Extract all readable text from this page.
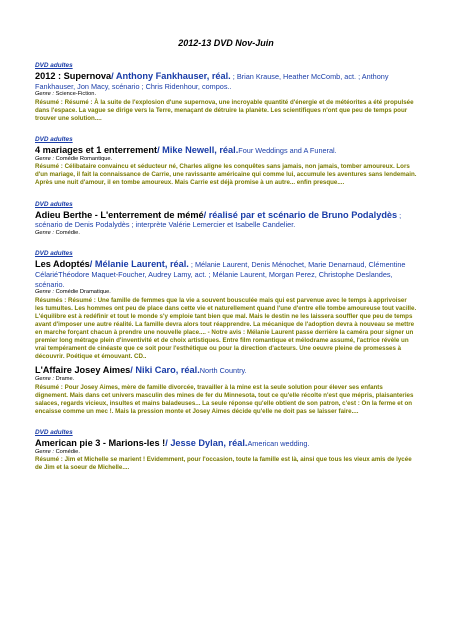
2012-13 DVD Nov-Juin
DVD adultes
2012 : Supernova/ Anthony Fankhauser, réal. ; Brian Krause, Heather McComb, act. ; Anthony Fankhauser, Jon Macy, scénario ; Chris Ridenhour, compos..
Genre : Science-Fiction.
Résumé : Résumé : À la suite de l'explosion d'une supernova, une incroyable quantité d'énergie et de météorites a été propulsée dans l'espace. La vague se dirige vers la Terre, menaçant de détruire la planète. Les scientifiques n'ont que peu de temps pour trouver une solution....
DVD adultes
4 mariages et 1 enterrement/ Mike Newell, réal.Four Weddings and A Funeral.
Genre : Comédie Romantique.
Résumé : Célibataire convaincu et séducteur né, Charles aligne les conquêtes sans jamais, non jamais, tomber amoureux. Lors d'un mariage, il fait la connaissance de Carrie, une ravissante américaine qui comme lui, accumule les aventures sans lendemain. Après une nuit d'amour, il en tombe amoureux. Mais Carrie est déjà promise à un autre... enfin presque....
DVD adultes
Adieu Berthe - L'enterrement de mémé/ réalisé par et scénario de Bruno Podalydès ; scénario de Denis Podalydès ; interprète Valérie Lemercier et Isabelle Candelier.
Genre : Comédie.
DVD adultes
Les Adoptés/ Mélanie Laurent, réal. ; Mélanie Laurent, Denis Ménochet, Marie Denarnaud, Clémentine CélariéThéodore Maquet-Foucher, Audrey Lamy, act. ; Mélanie Laurent, Morgan Perez, Christophe Deslandes, scénario.
Genre : Comédie Dramatique.
Résumés : Résumé : Une famille de femmes que la vie a souvent bousculée mais qui est parvenue avec le temps à apprivoiser les tumultes. Les hommes ont peu de place dans cette vie et naturellement quand l'une d'entre elle tombe amoureuse tout vacille. L'équilibre est à redéfinir et tout le monde s'y emploie tant bien que mal. Mais le destin ne les laissera souffler que peu de temps avant d'imposer une autre réalité. La famille devra alors tout réapprendre. La mécanique de l'adoption devra à nouveau se mettre en marche forçant chacun à prendre une nouvelle place.... - Notre avis : Mélanie Laurent passe derrière la caméra pour signer un premier long métrage plein d'inventivité et de choix artistiques. Entre film romantique et mélodrame assumé, l'actrice révèle un vrai tempérament de cinéaste que ce soit pour l'esthétique ou pour la direction d'acteurs. Une oeuvre pleine de promesses à découvrir. Poétique et émouvant. CD..
L'Affaire Josey Aimes/ Niki Caro, réal.North Country.
Genre : Drame.
Résumé : Pour Josey Aimes, mère de famille divorcée, travailler à la mine est la seule solution pour élever ses enfants dignement. Mais dans cet univers masculin des mines de fer du Minnesota, tout ce qu'elle récolte n'est que mépris, plaisanteries salaces, regards vicieux, insultes et mains baladeuses... La seule réponse qu'elle obtient de son patron, c'est : On la ferme et on encaisse comme un mec !. Mais la pression monte et Josey Aimes décide qu'elle ne doit pas se laisser faire....
DVD adultes
American pie 3 - Marions-les !/ Jesse Dylan, réal.American wedding.
Genre : Comédie.
Résumé : Jim et Michelle se marient ! Evidemment, pour l'occasion, toute la famille est là, ainsi que tous les vieux amis de lycée de Jim et la soeur de Michelle....
